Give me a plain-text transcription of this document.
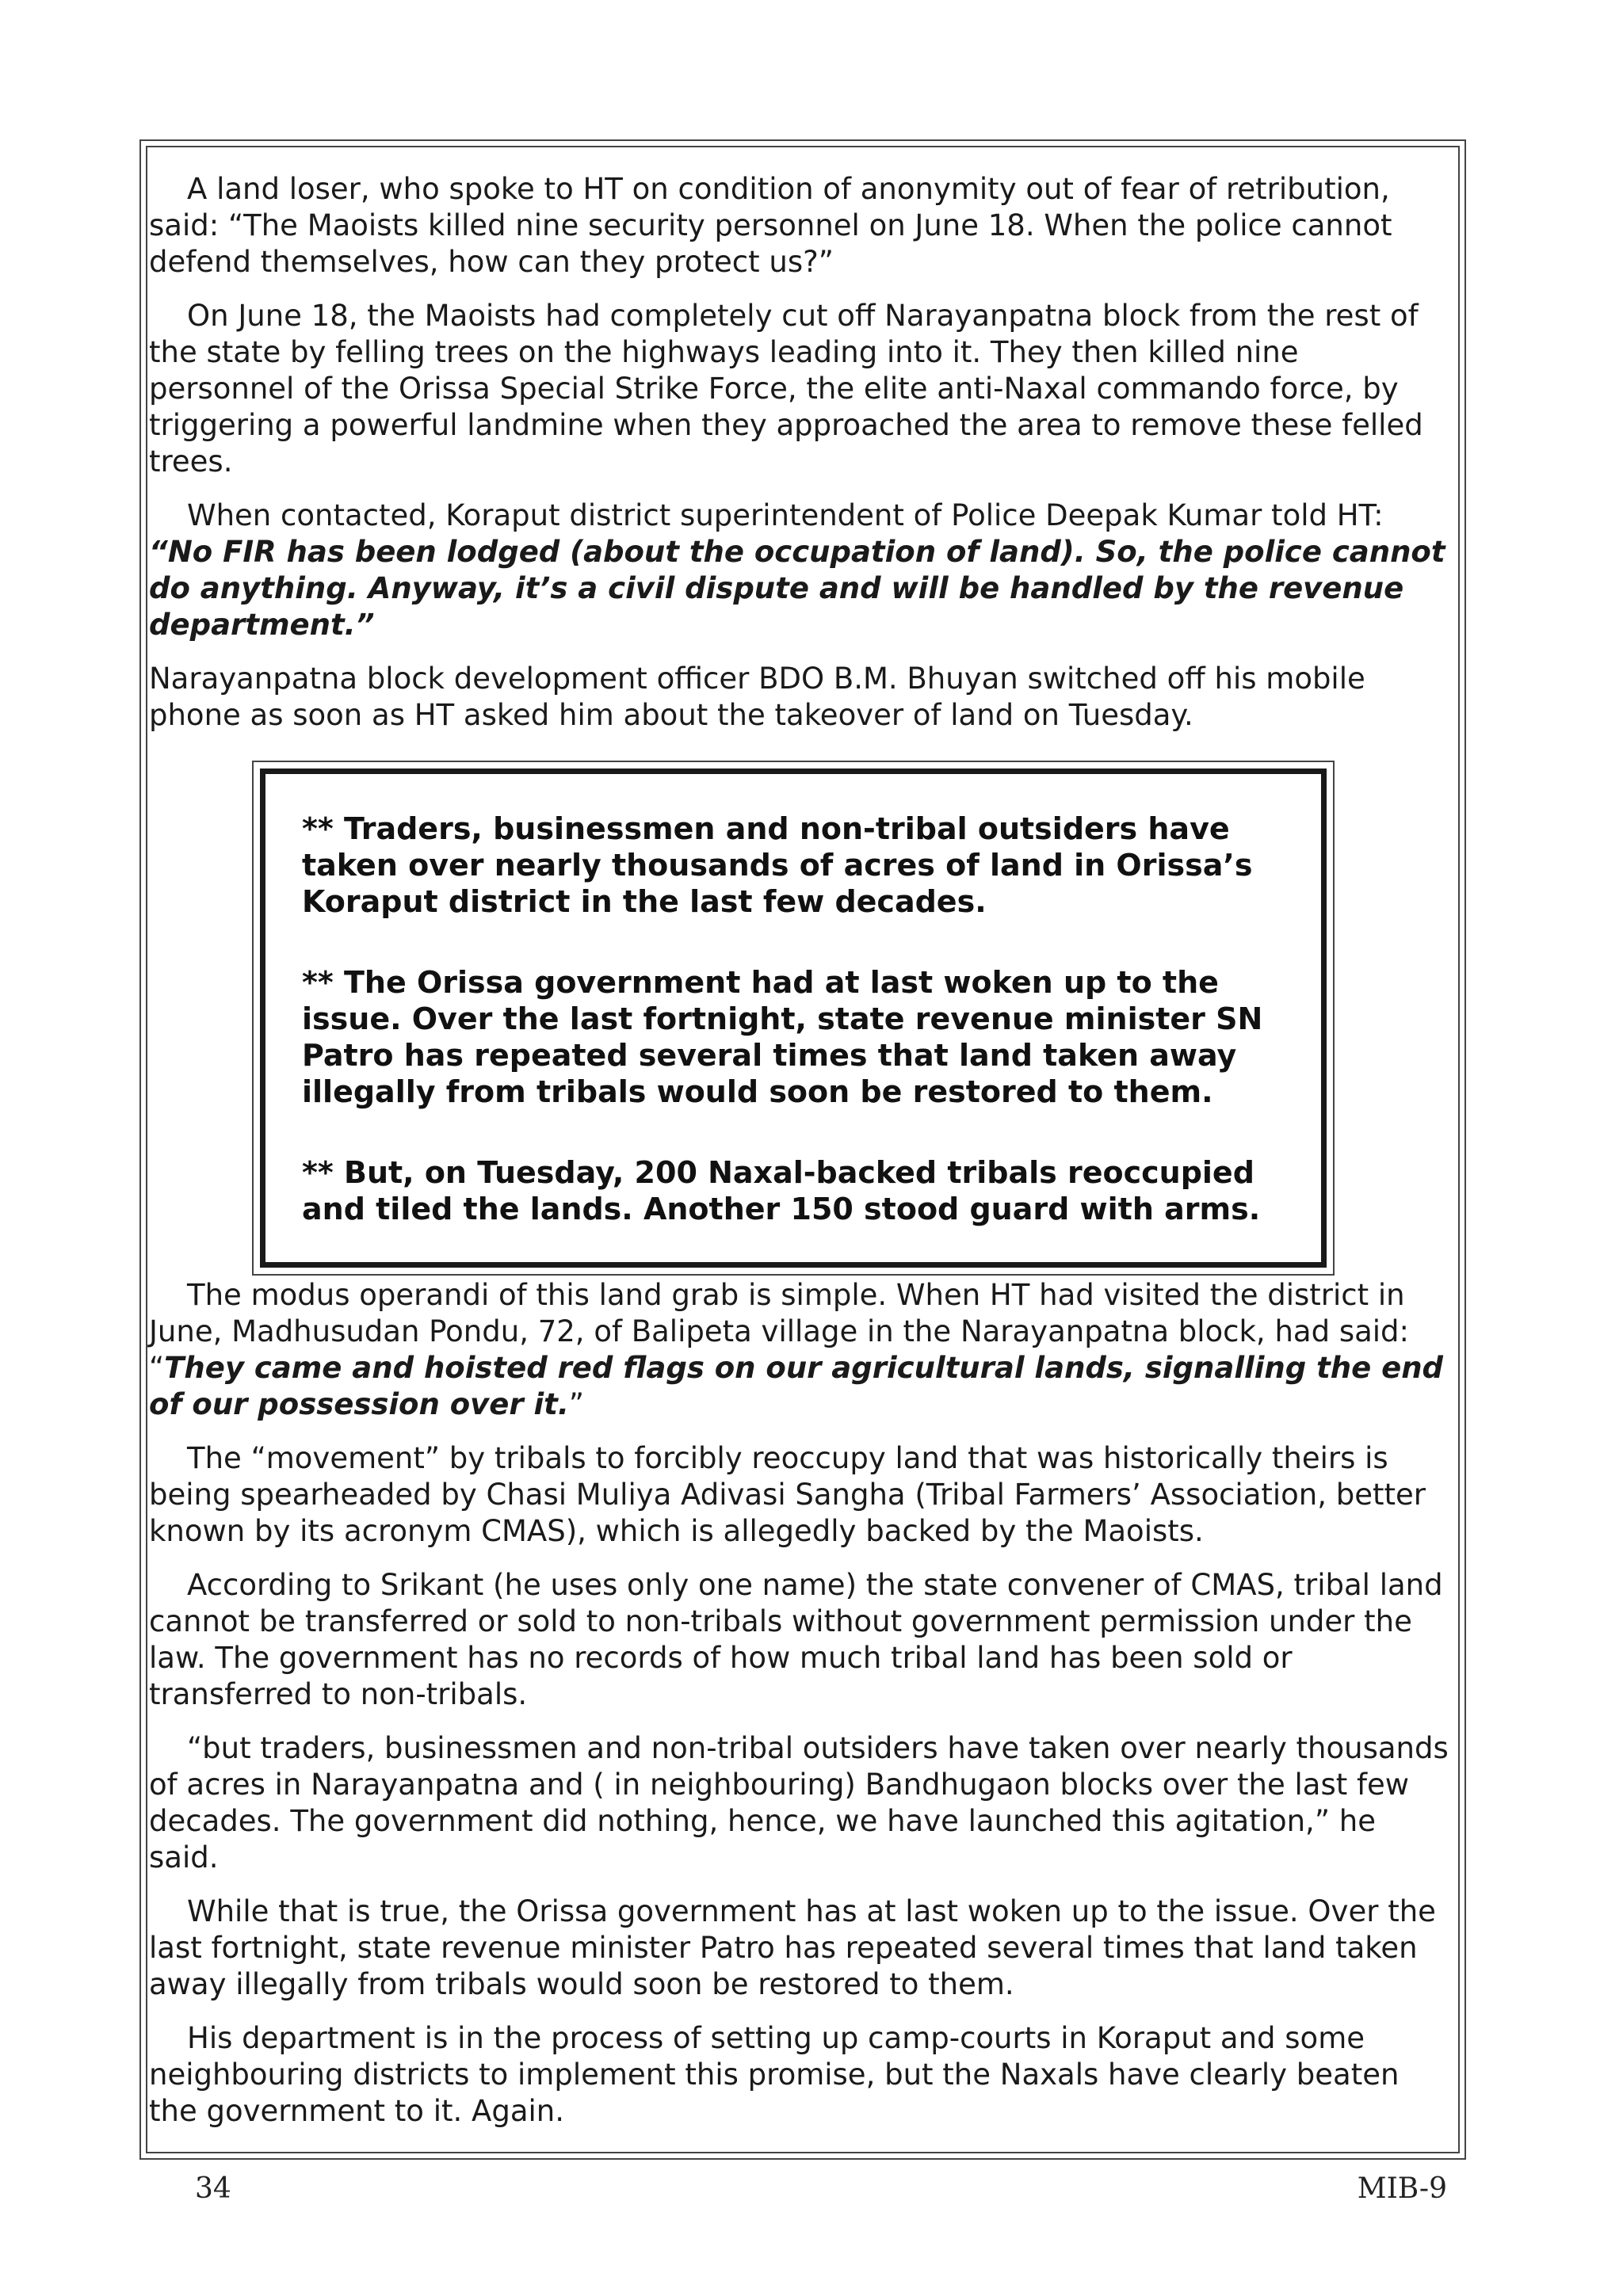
A land loser, who spoke to HT on condition of anonymity out of fear of retribution, said: “The Maoists killed nine security personnel on June 18. When the police cannot defend themselves, how can they protect us?”

On June 18, the Maoists had completely cut off Narayanpatna block from the rest of the state by felling trees on the highways leading into it. They then killed nine personnel of the Orissa Special Strike Force, the elite anti-Naxal commando force, by triggering a powerful landmine when they approached the area to remove these felled trees.

When contacted, Koraput district superintendent of Police Deepak Kumar told HT: “No FIR has been lodged (about the occupation of land). So, the police cannot do anything. Anyway, it’s a civil dispute and will be handled by the revenue department.”

Narayanpatna block development officer BDO B.M. Bhuyan switched off his mobile phone as soon as HT asked him about the takeover of land on Tuesday.

** Traders, businessmen and non-tribal outsiders have taken over nearly thousands of acres of land in Orissa’s Koraput district in the last few decades.

** The Orissa government had at last woken up to the issue. Over the last fortnight, state revenue minister SN Patro has repeated several times that land taken away illegally from tribals would soon be restored to them.

** But, on Tuesday, 200 Naxal-backed tribals reoccupied and tiled the lands. Another 150 stood guard with arms.

The modus operandi of this land grab is simple. When HT had visited the district in June, Madhusudan Pondu, 72, of Balipeta village in the Narayanpatna block, had said: “They came and hoisted red flags on our agricultural lands, signalling the end of our possession over it.”

The “movement” by tribals to forcibly reoccupy land that was historically theirs is being spearheaded by Chasi Muliya Adivasi Sangha (Tribal Farmers’ Association, better known by its acronym CMAS), which is allegedly backed by the Maoists.

According to Srikant (he uses only one name) the state convener of CMAS, tribal land cannot be transferred or sold to non-tribals without government permission under the law. The government has no records of how much tribal land has been sold or transferred to non-tribals.

“but traders, businessmen and non-tribal outsiders have taken over nearly thousands of acres in Narayanpatna and ( in neighbouring) Bandhugaon blocks over the last few decades. The government did nothing, hence, we have launched this agitation,” he said.

While that is true, the Orissa government has at last woken up to the issue. Over the last fortnight, state revenue minister Patro has repeated several times that land taken away illegally from tribals would soon be restored to them.

His department is in the process of setting up camp-courts in Koraput and some neighbouring districts to implement this promise, but the Naxals have clearly beaten the government to it. Again.

34	MIB-9
